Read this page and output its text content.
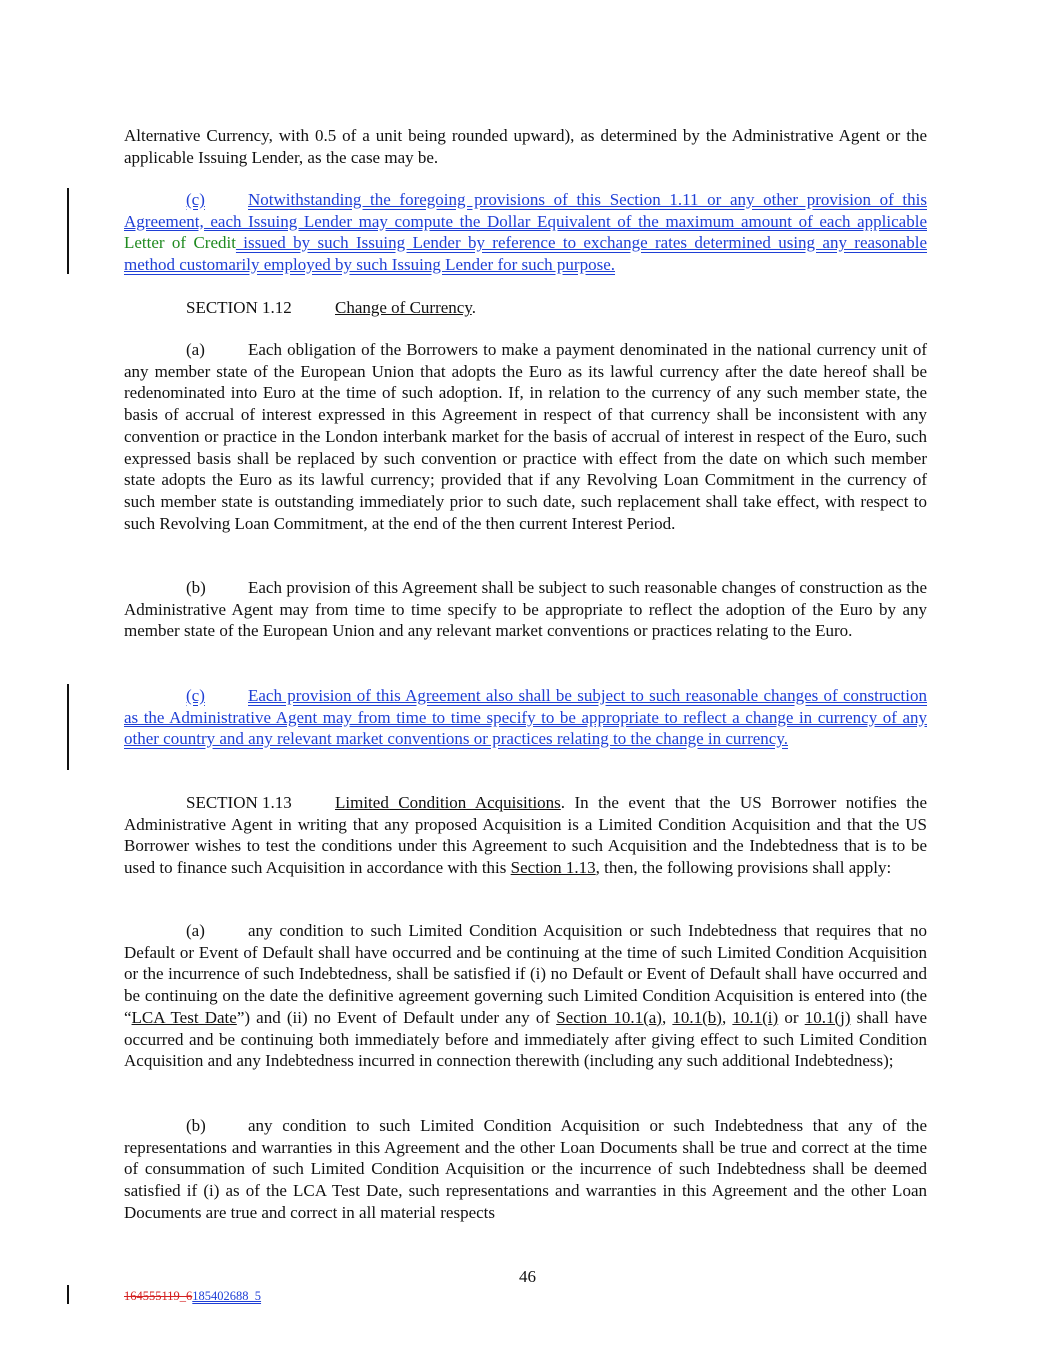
Alternative Currency, with 0.5 of a unit being rounded upward), as determined by the Administrative Agent or the applicable Issuing Lender, as the case may be.

(c)	Notwithstanding the foregoing provisions of this Section 1.11 or any other provision of this Agreement, each Issuing Lender may compute the Dollar Equivalent of the maximum amount of each applicable Letter of Credit issued by such Issuing Lender by reference to exchange rates determined using any reasonable method customarily employed by such Issuing Lender for such purpose.

SECTION 1.12	Change of Currency.

(a)	Each obligation of the Borrowers to make a payment denominated in the national currency unit of any member state of the European Union that adopts the Euro as its lawful currency after the date hereof shall be redenominated into Euro at the time of such adoption. If, in relation to the currency of any such member state, the basis of accrual of interest expressed in this Agreement in respect of that currency shall be inconsistent with any convention or practice in the London interbank market for the basis of accrual of interest in respect of the Euro, such expressed basis shall be replaced by such convention or practice with effect from the date on which such member state adopts the Euro as its lawful currency; provided that if any Revolving Loan Commitment in the currency of such member state is outstanding immediately prior to such date, such replacement shall take effect, with respect to such Revolving Loan Commitment, at the end of the then current Interest Period.

(b) Each provision of this Agreement shall be subject to such reasonable changes of construction as the Administrative Agent may from time to time specify to be appropriate to reflect the adoption of the Euro by any member state of the European Union and any relevant market conventions or practices relating to the Euro.

(c)	Each provision of this Agreement also shall be subject to such reasonable changes of construction as the Administrative Agent may from time to time specify to be appropriate to reflect a change in currency of any other country and any relevant market conventions or practices relating to the change in currency.

SECTION 1.13	Limited Condition Acquisitions. In the event that the US Borrower notifies the Administrative Agent in writing that any proposed Acquisition is a Limited Condition Acquisition and that the US Borrower wishes to test the conditions under this Agreement to such Acquisition and the Indebtedness that is to be used to finance such Acquisition in accordance with this Section 1.13, then, the following provisions shall apply:

(a)	any condition to such Limited Condition Acquisition or such Indebtedness that requires that no Default or Event of Default shall have occurred and be continuing at the time of such Limited Condition Acquisition or the incurrence of such Indebtedness, shall be satisfied if (i) no Default or Event of Default shall have occurred and be continuing on the date the definitive agreement governing such Limited Condition Acquisition is entered into (the “LCA Test Date”) and (ii) no Event of Default under any of Section 10.1(a), 10.1(b), 10.1(i) or 10.1(j) shall have occurred and be continuing both immediately before and immediately after giving effect to such Limited Condition Acquisition and any Indebtedness incurred in connection therewith (including any such additional Indebtedness);

(b) any condition to such Limited Condition Acquisition or such Indebtedness that any of the representations and warranties in this Agreement and the other Loan Documents shall be true and correct at the time of consummation of such Limited Condition Acquisition or the incurrence of such Indebtedness shall be deemed satisfied if (i) as of the LCA Test Date, such representations and warranties in this Agreement and the other Loan Documents are true and correct in all material respects

46
164555119_6185402688_5
